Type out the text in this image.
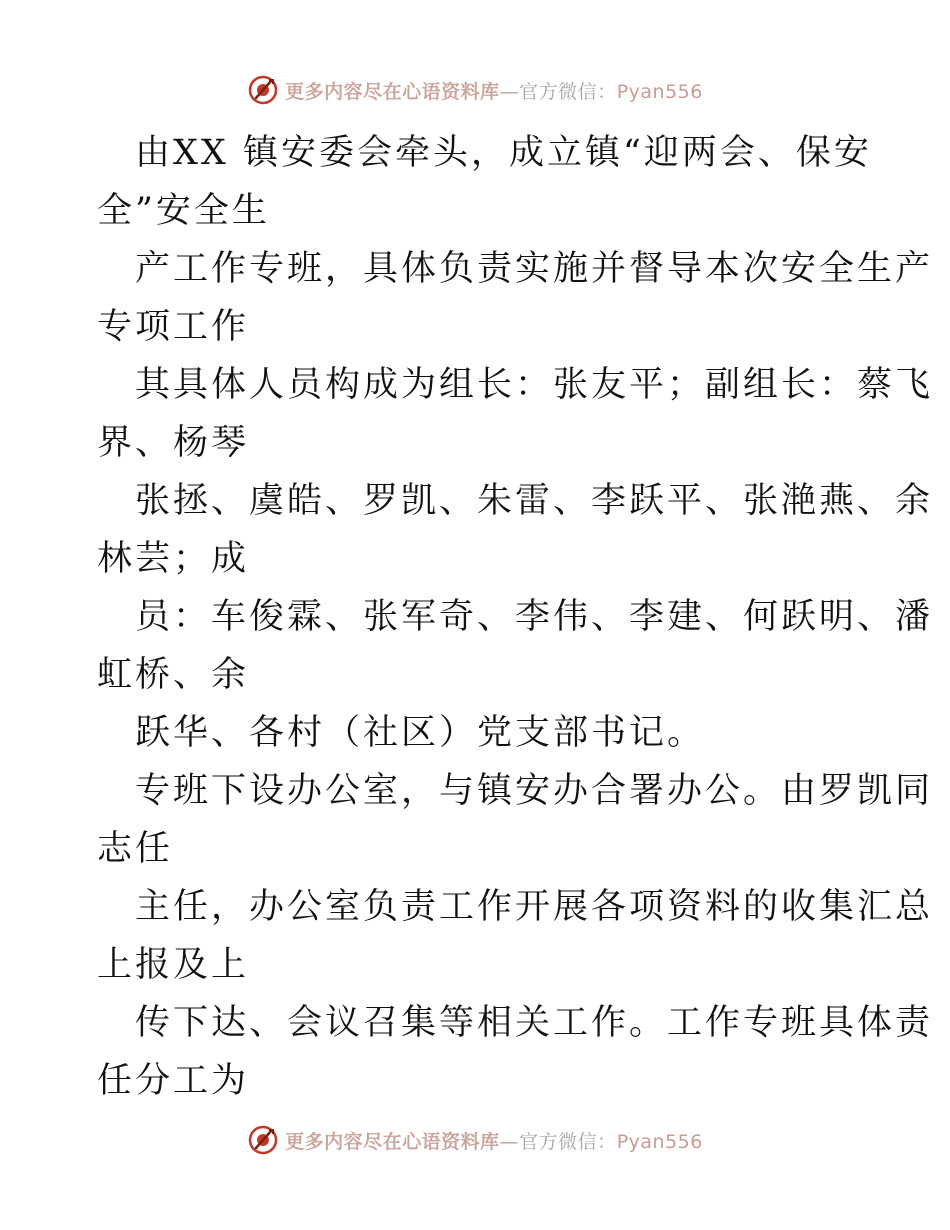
更多内容尽在心语资料库—官方微信：Pyan556
由XX 镇安委会牵头，成立镇“迎两会、保安
全”安全生
产工作专班，具体负责实施并督导本次安全生产
专项工作
其具体人员构成为组长：张友平；副组长：蔡飞
界、杨琴
张拯、虞皓、罗凯、朱雷、李跃平、张滟燕、余
林芸；成
员：车俊霖、张军奇、李伟、李建、何跃明、潘
虹桥、余
跃华、各村（社区）党支部书记。
专班下设办公室，与镇安办合署办公。由罗凯同
志任
主任，办公室负责工作开展各项资料的收集汇总
上报及上
传下达、会议召集等相关工作。工作专班具体责
任分工为
更多内容尽在心语资料库—官方微信：Pyan556
